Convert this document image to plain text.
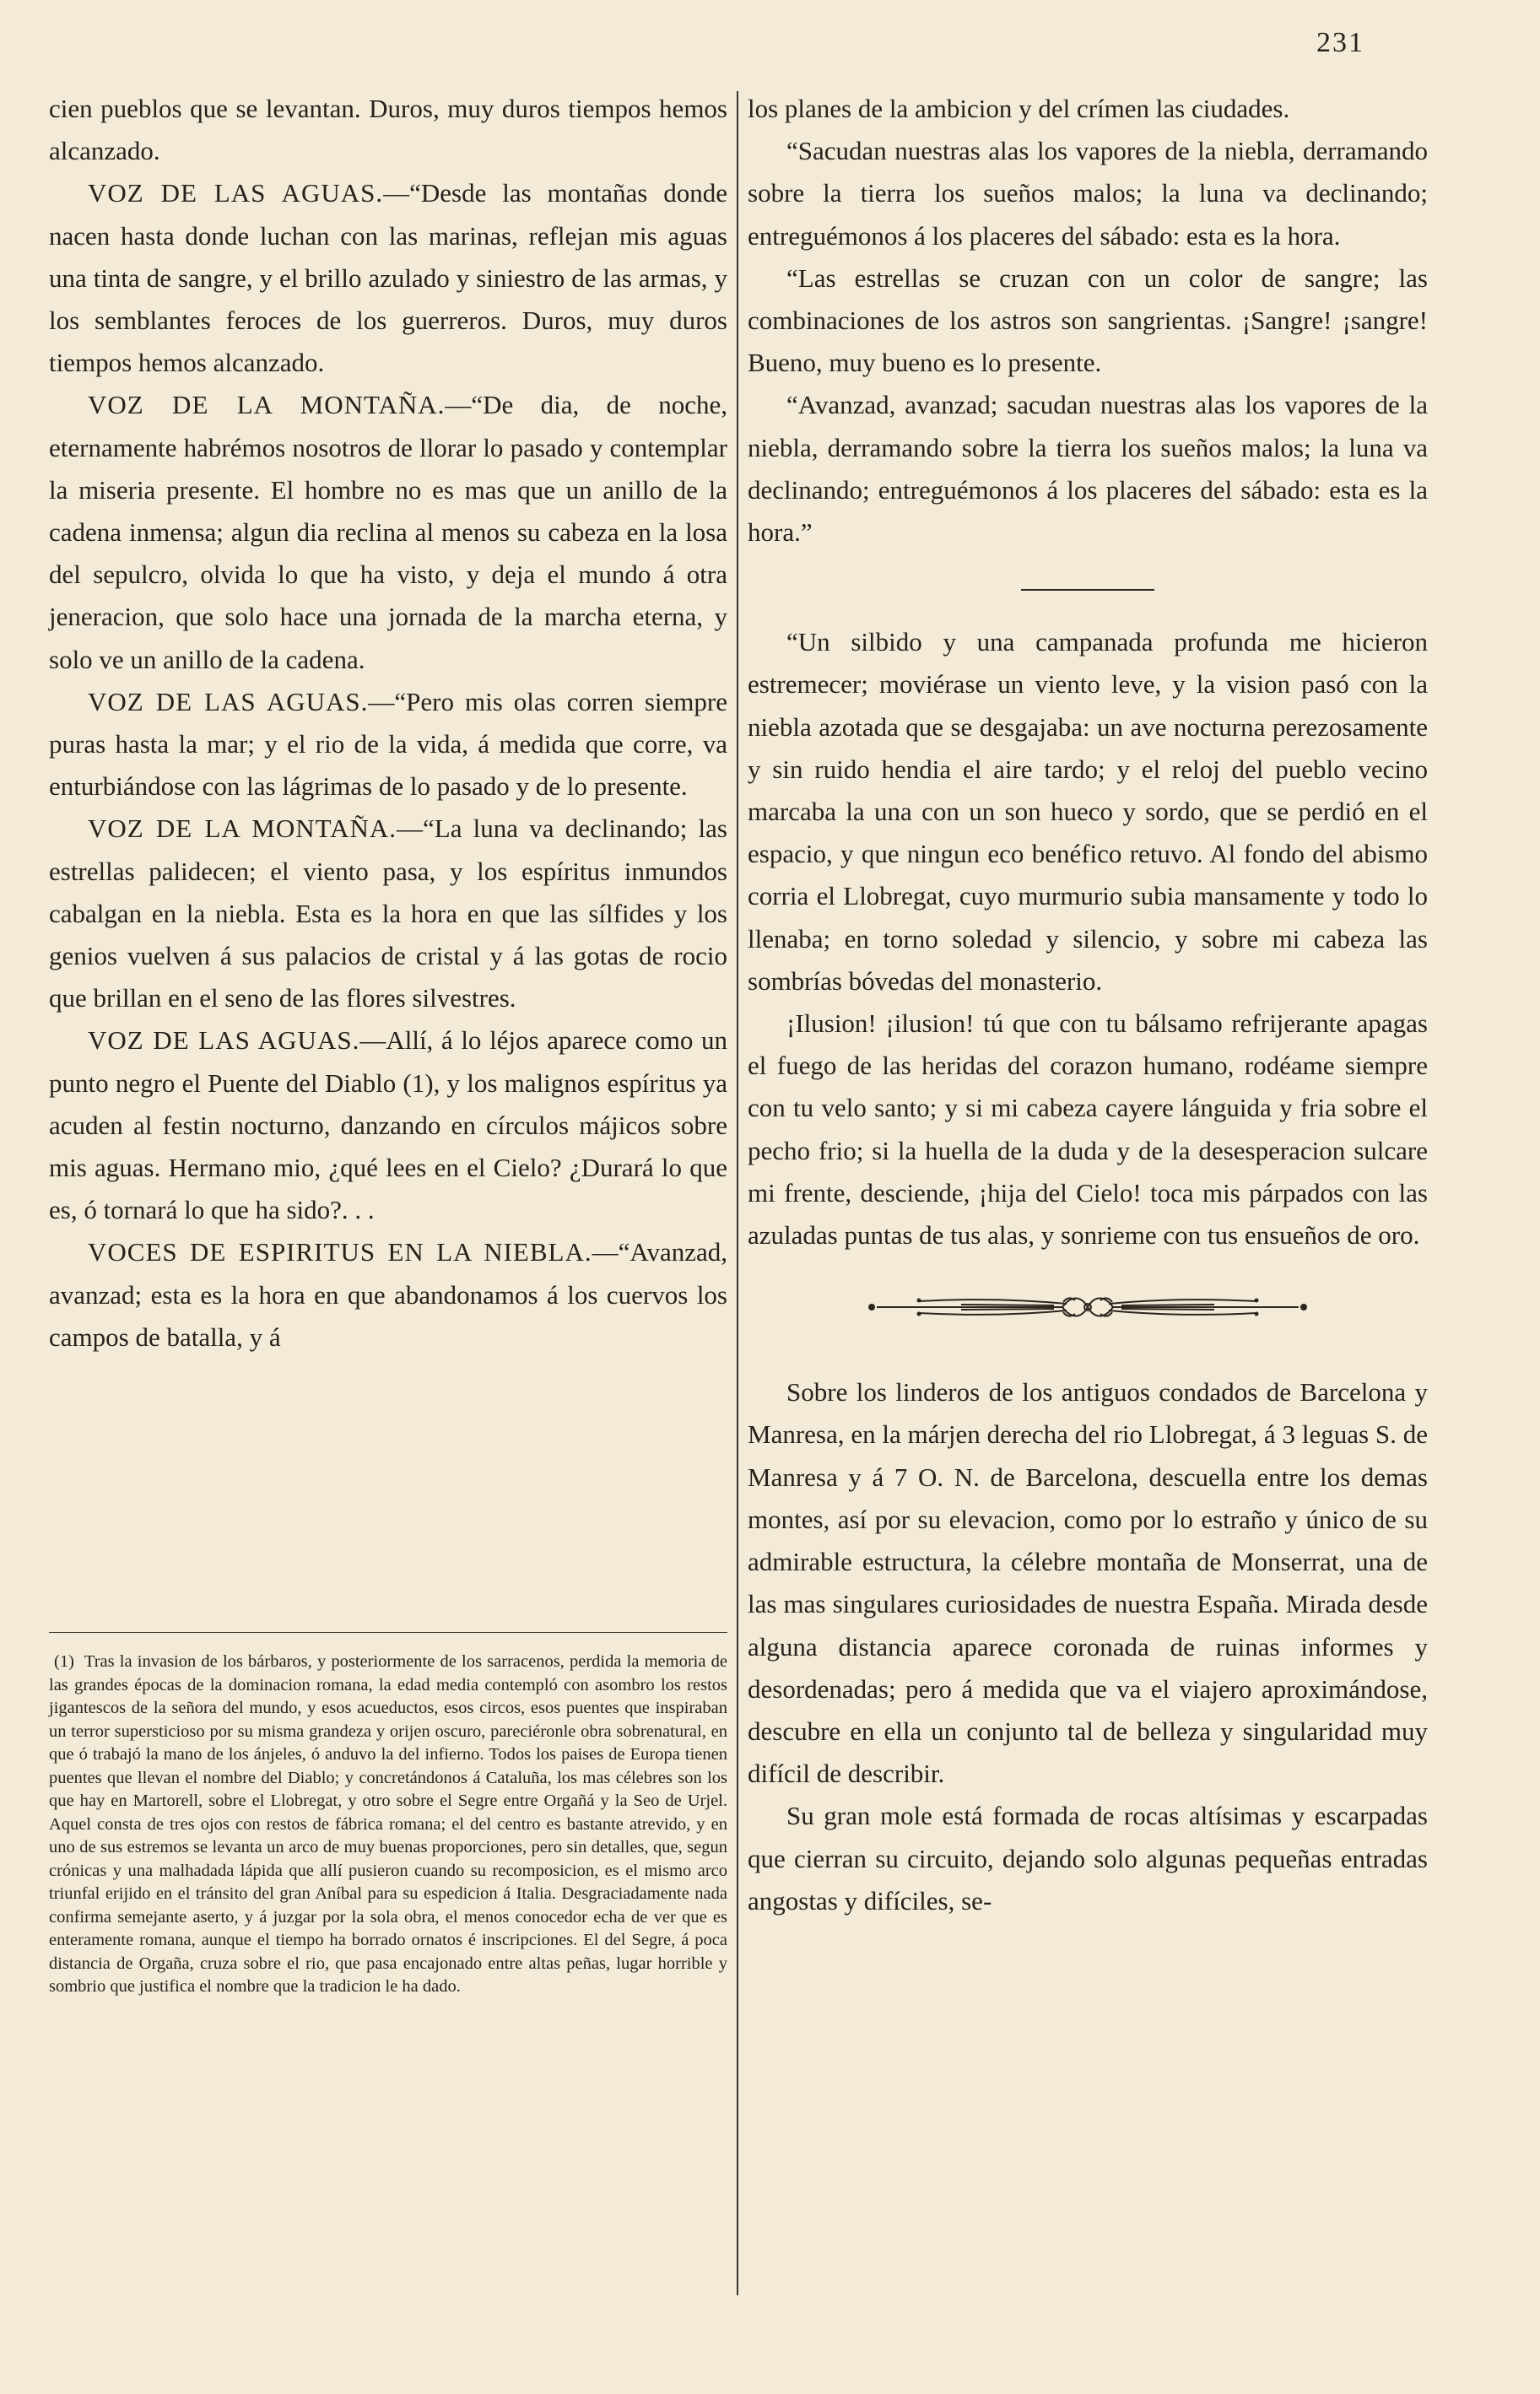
231

cien pueblos que se levantan. Duros, muy duros tiempos hemos alcanzado.

VOZ DE LAS AGUAS.—“Desde las montañas donde nacen hasta donde luchan con las marinas, reflejan mis aguas una tinta de sangre, y el brillo azulado y siniestro de las armas, y los semblantes feroces de los guerreros. Duros, muy duros tiempos hemos alcanzado.

VOZ DE LA MONTAÑA.—“De dia, de noche, eternamente habrémos nosotros de llorar lo pasado y contemplar la miseria presente. El hombre no es mas que un anillo de la cadena inmensa; algun dia reclina al menos su cabeza en la losa del sepulcro, olvida lo que ha visto, y deja el mundo á otra jeneracion, que solo hace una jornada de la marcha eterna, y solo ve un anillo de la cadena.

VOZ DE LAS AGUAS.—“Pero mis olas corren siempre puras hasta la mar; y el rio de la vida, á medida que corre, va enturbiándose con las lágrimas de lo pasado y de lo presente.

VOZ DE LA MONTAÑA.—“La luna va declinando; las estrellas palidecen; el viento pasa, y los espíritus inmundos cabalgan en la niebla. Esta es la hora en que las sílfides y los genios vuelven á sus palacios de cristal y á las gotas de rocio que brillan en el seno de las flores silvestres.

VOZ DE LAS AGUAS.—Allí, á lo léjos aparece como un punto negro el Puente del Diablo (1), y los malignos espíritus ya acuden al festin nocturno, danzando en círculos májicos sobre mis aguas. Hermano mio, ¿qué lees en el Cielo? ¿Durará lo que es, ó tornará lo que ha sido?. . .

VOCES DE ESPIRITUS EN LA NIEBLA.—“Avanzad, avanzad; esta es la hora en que abandonamos á los cuervos los campos de batalla, y á

los planes de la ambicion y del crímen las ciudades.

“Sacudan nuestras alas los vapores de la niebla, derramando sobre la tierra los sueños malos; la luna va declinando; entreguémonos á los placeres del sábado: esta es la hora.

“Las estrellas se cruzan con un color de sangre; las combinaciones de los astros son sangrientas. ¡Sangre! ¡sangre! Bueno, muy bueno es lo presente.

“Avanzad, avanzad; sacudan nuestras alas los vapores de la niebla, derramando sobre la tierra los sueños malos; la luna va declinando; entreguémonos á los placeres del sábado: esta es la hora.”

“Un silbido y una campanada profunda me hicieron estremecer; moviérase un viento leve, y la vision pasó con la niebla azotada que se desgajaba: un ave nocturna perezosamente y sin ruido hendia el aire tardo; y el reloj del pueblo vecino marcaba la una con un son hueco y sordo, que se perdió en el espacio, y que ningun eco benéfico retuvo. Al fondo del abismo corria el Llobregat, cuyo murmurio subia mansamente y todo lo llenaba; en torno soledad y silencio, y sobre mi cabeza las sombrías bóvedas del monasterio.

¡Ilusion! ¡ilusion! tú que con tu bálsamo refrijerante apagas el fuego de las heridas del corazon humano, rodéame siempre con tu velo santo; y si mi cabeza cayere lánguida y fria sobre el pecho frio; si la huella de la duda y de la desesperacion sulcare mi frente, desciende, ¡hija del Cielo! toca mis párpados con las azuladas puntas de tus alas, y sonrieme con tus ensueños de oro.

Sobre los linderos de los antiguos condados de Barcelona y Manresa, en la márjen derecha del rio Llobregat, á 3 leguas S. de Manresa y á 7 O. N. de Barcelona, descuella entre los demas montes, así por su elevacion, como por lo estraño y único de su admirable estructura, la célebre montaña de Monserrat, una de las mas singulares curiosidades de nuestra España. Mirada desde alguna distancia aparece coronada de ruinas informes y desordenadas; pero á medida que va el viajero aproximándose, descubre en ella un conjunto tal de belleza y singularidad muy difícil de describir.

Su gran mole está formada de rocas altísimas y escarpadas que cierran su circuito, dejando solo algunas pequeñas entradas angostas y difíciles, se-

(1) Tras la invasion de los bárbaros, y posteriormente de los sarracenos, perdida la memoria de las grandes épocas de la dominacion romana, la edad media contempló con asombro los restos jigantescos de la señora del mundo, y esos acueductos, esos circos, esos puentes que inspiraban un terror supersticioso por su misma grandeza y orijen oscuro, pareciéronle obra sobrenatural, en que ó trabajó la mano de los ánjeles, ó anduvo la del infierno. Todos los paises de Europa tienen puentes que llevan el nombre del Diablo; y concretándonos á Cataluña, los mas célebres son los que hay en Martorell, sobre el Llobregat, y otro sobre el Segre entre Orgañá y la Seo de Urjel. Aquel consta de tres ojos con restos de fábrica romana; el del centro es bastante atrevido, y en uno de sus estremos se levanta un arco de muy buenas proporciones, pero sin detalles, que, segun crónicas y una malhadada lápida que allí pusieron cuando su recomposicion, es el mismo arco triunfal erijido en el tránsito del gran Aníbal para su espedicion á Italia. Desgraciadamente nada confirma semejante aserto, y á juzgar por la sola obra, el menos conocedor echa de ver que es enteramente romana, aunque el tiempo ha borrado ornatos é inscripciones. El del Segre, á poca distancia de Orgaña, cruza sobre el rio, que pasa encajonado entre altas peñas, lugar horrible y sombrio que justifica el nombre que la tradicion le ha dado.
